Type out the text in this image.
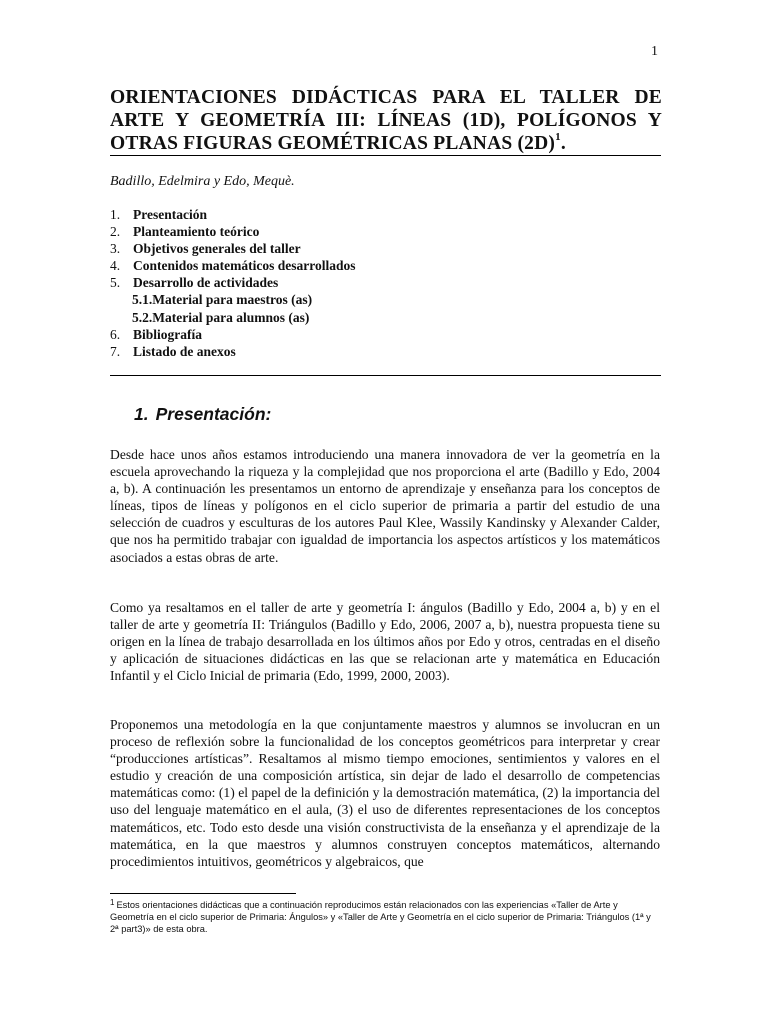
1
ORIENTACIONES DIDÁCTICAS PARA EL TALLER DE ARTE Y GEOMETRÍA III: LÍNEAS (1D), POLÍGONOS Y OTRAS FIGURAS GEOMÉTRICAS PLANAS $(2D)^1$.
Badillo, Edelmira y Edo, Mequè.
1. Presentación
2. Planteamiento teórico
3. Objetivos generales del taller
4. Contenidos matemáticos desarrollados
5. Desarrollo de actividades
5.1.Material para maestros (as)
5.2.Material para alumnos (as)
6. Bibliografía
7. Listado de anexos
1. Presentación:

Desde hace unos años estamos introduciendo una manera innovadora de ver la geometría en la escuela aprovechando la riqueza y la complejidad que nos proporciona el arte (Badillo y Edo, 2004 a, b). A continuación les presentamos un entorno de aprendizaje y enseñanza para los conceptos de líneas, tipos de líneas y polígonos en el ciclo superior de primaria a partir del estudio de una selección de cuadros y esculturas de los autores Paul Klee, Wassily Kandinsky y Alexander Calder, que nos ha permitido trabajar con igualdad de importancia los aspectos artísticos y los matemáticos asociados a estas obras de arte.

Como ya resaltamos en el taller de arte y geometría I: ángulos (Badillo y Edo, 2004 a, b) y en el taller de arte y geometría II: Triángulos (Badillo y Edo, 2006, 2007 a, b), nuestra propuesta tiene su origen en la línea de trabajo desarrollada en los últimos años por Edo y otros, centradas en el diseño y aplicación de situaciones didácticas en las que se relacionan arte y matemática en Educación Infantil y el Ciclo Inicial de primaria (Edo, 1999, 2000, 2003).

Proponemos una metodología en la que conjuntamente maestros y alumnos se involucran en un proceso de reflexión sobre la funcionalidad de los conceptos geométricos para interpretar y crear “producciones artísticas”. Resaltamos al mismo tiempo emociones, sentimientos y valores en el estudio y creación de una composición artística, sin dejar de lado el desarrollo de competencias matemáticas como: (1) el papel de la definición y la demostración matemática, (2) la importancia del uso del lenguaje matemático en el aula, (3) el uso de diferentes representaciones de los conceptos matemáticos, etc. Todo esto desde una visión constructivista de la enseñanza y el aprendizaje de la matemática, en la que maestros y alumnos construyen conceptos matemáticos, alternando procedimientos intuitivos, geométricos y algebraicos, que

$^1$ Estos orientaciones didácticas que a continuación reproducimos están relacionados con las experiencias «Taller de Arte y Geometría en el ciclo superior de Primaria: Ángulos» y «Taller de Arte y Geometría en el ciclo superior de Primaria: Triángulos (1ª y 2ª part3)» de esta obra.
